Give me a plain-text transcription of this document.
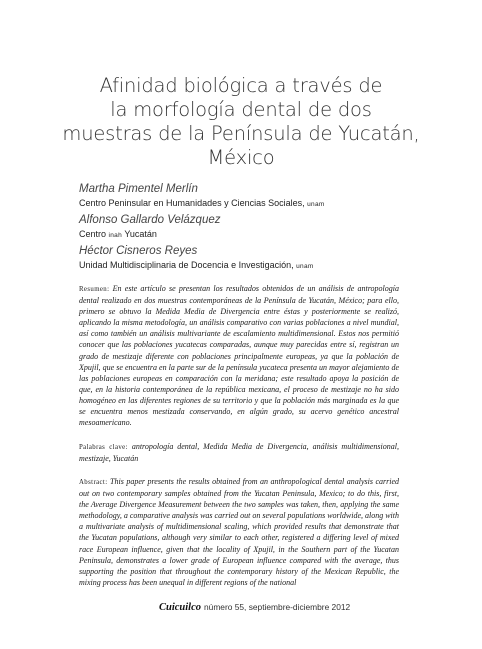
Afinidad biológica a través de
la morfología dental de dos
muestras de la Península de Yucatán,
México
Martha Pimentel Merlín
Centro Peninsular en Humanidades y Ciencias Sociales, unam
Alfonso Gallardo Velázquez
Centro inah Yucatán
Héctor Cisneros Reyes
Unidad Multidisciplinaria de Docencia e Investigación, unam

Resumen: En este artículo se presentan los resultados obtenidos de un análisis de antropología dental realizado en dos muestras contemporáneas de la Península de Yucatán, México; para ello, primero se obtuvo la Medida Media de Divergencia entre éstas y posteriormente se realizó, aplicando la misma metodología, un análisis comparativo con varias poblaciones a nivel mundial, así como también un análisis multivariante de escalamiento multidimensional. Estos nos permitió conocer que las poblaciones yucatecas comparadas, aunque muy parecidas entre sí, registran un grado de mestizaje diferente con poblaciones principalmente europeas, ya que la población de Xpujil, que se encuentra en la parte sur de la península yucateca presenta un mayor alejamiento de las poblaciones europeas en comparación con la meridana; este resultado apoya la posición de que, en la historia contemporánea de la república mexicana, el proceso de mestizaje no ha sido homogéneo en las diferentes regiones de su territorio y que la población más marginada es la que se encuentra menos mestizada conservando, en algún grado, su acervo genético ancestral mesoamericano.

Palabras clave: antropología dental, Medida Media de Divergencia, análisis multidimensional, mestizaje, Yucatán

Abstract: This paper presents the results obtained from an anthropological dental analysis carried out on two contemporary samples obtained from the Yucatan Peninsula, Mexico; to do this, first, the Average Divergence Measurement between the two samples was taken, then, applying the same methodology, a comparative analysis was carried out on several populations worldwide, along with a multivariate analysis of multidimensional scaling, which provided results that demonstrate that the Yucatan populations, although very similar to each other, registered a differing level of mixed race European influence, given that the locality of Xpujil, in the Southern part of the Yucatan Peninsula, demonstrates a lower grade of European influence compared with the average, thus supporting the position that throughout the contemporary history of the Mexican Republic, the mixing process has been unequal in different regions of the national

Cuicuilco número 55, septiembre-diciembre 2012
